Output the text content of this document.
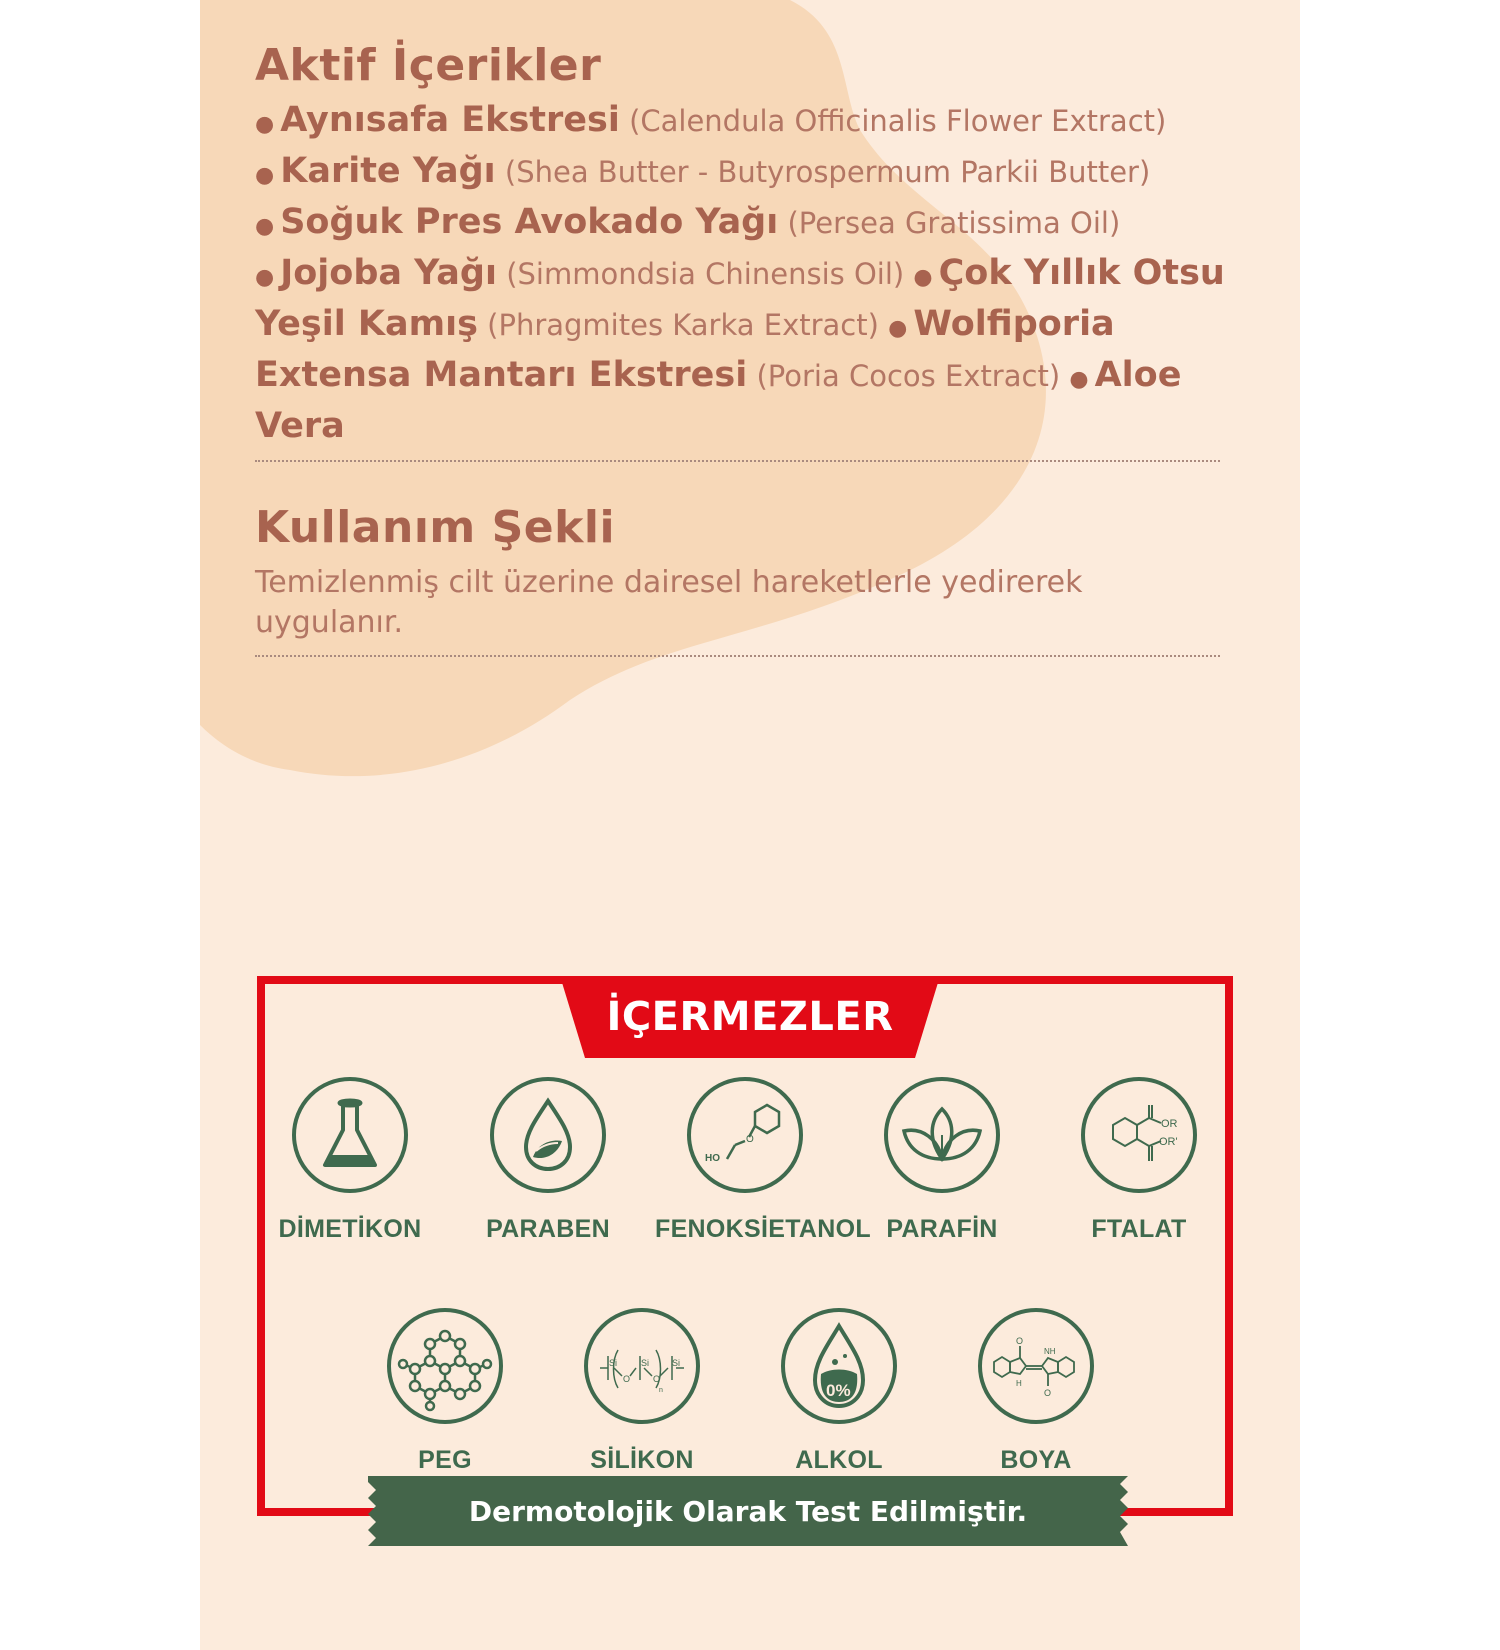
Aktif İçerikler
● Aynısafa Ekstresi (Calendula Officinalis Flower Extract) ● Karite Yağı (Shea Butter - Butyrospermum Parkii Butter) ● Soğuk Pres Avokado Yağı (Persea Gratissima Oil) ● Jojoba Yağı (Simmondsia Chinensis Oil) ● Çok Yıllık Otsu Yeşil Kamış (Phragmites Karka Extract) ● Wolfiporia Extensa Mantarı Ekstresi (Poria Cocos Extract) ● Aloe Vera
Kullanım Şekli
Temizlenmiş cilt üzerine dairesel hareketlerle yedirerek uygulanır.
İÇERMEZLER
DİMETİKON	PARABEN
O
HO
FENOKSİETANOL PARAFİN
OR
OR'
FTALAT
PEG
Si	Si	Si
O	O
n
SİLİKON
0%
ALKOL
O
O
NH
H
BOYA
Dermotolojik Olarak Test Edilmiştir.
